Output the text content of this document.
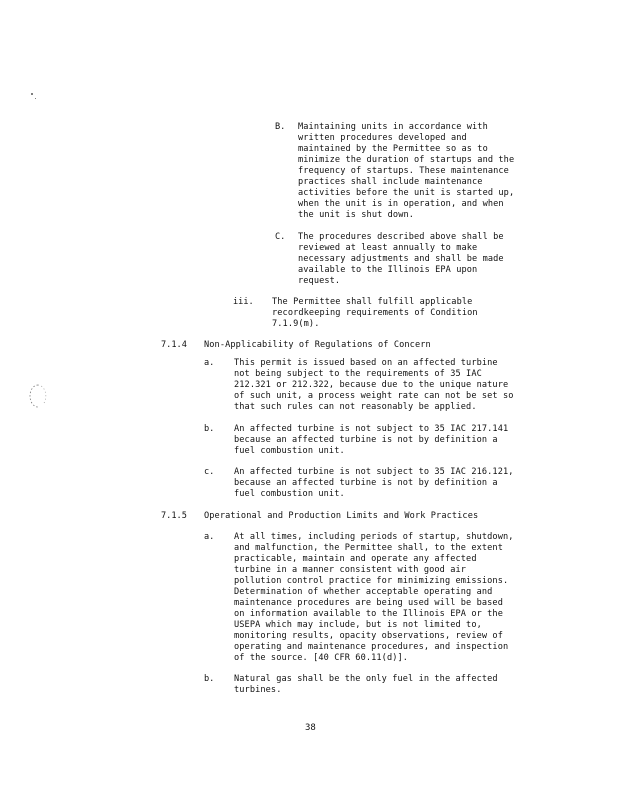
B. Maintaining units in accordance with
written procedures developed and
maintained by the Permittee so as to
minimize the duration of startups and the
frequency of startups. These maintenance
practices shall include maintenance
activities before the unit is started up,
when the unit is in operation, and when
the unit is shut down.
C. The procedures described above shall be
reviewed at least annually to make
necessary adjustments and shall be made
available to the Illinois EPA upon
request.
iii. The Permittee shall fulfill applicable
recordkeeping requirements of Condition
7.1.9(m).
7.1.4 Non-Applicability of Regulations of Concern
a. This permit is issued based on an affected turbine
not being subject to the requirements of 35 IAC
212.321 or 212.322, because due to the unique nature
of such unit, a process weight rate can not be set so
that such rules can not reasonably be applied.
b. An affected turbine is not subject to 35 IAC 217.141
because an affected turbine is not by definition a
fuel combustion unit.
c. An affected turbine is not subject to 35 IAC 216.121,
because an affected turbine is not by definition a
fuel combustion unit.
7.1.5 Operational and Production Limits and Work Practices
a. At all times, including periods of startup, shutdown,
and malfunction, the Permittee shall, to the extent
practicable, maintain and operate any affected
turbine in a manner consistent with good air
pollution control practice for minimizing emissions.
Determination of whether acceptable operating and
maintenance procedures are being used will be based
on information available to the Illinois EPA or the
USEPA which may include, but is not limited to,
monitoring results, opacity observations, review of
operating and maintenance procedures, and inspection
of the source. [40 CFR 60.11(d)].
b. Natural gas shall be the only fuel in the affected
turbines.
38
